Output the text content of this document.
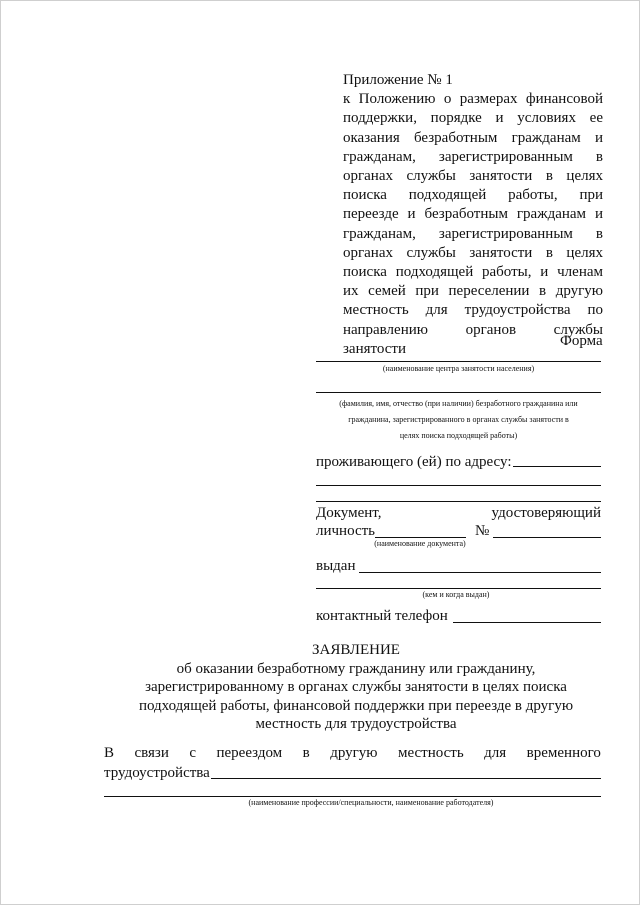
Приложение № 1
к Положению о размерах финансовой
поддержки, порядке и условиях ее
оказания безработным гражданам и
гражданам, зарегистрированным в
органах службы занятости в целях
поиска подходящей работы, при
переезде и безработным гражданам и
гражданам, зарегистрированным в
органах службы занятости в целях
поиска подходящей работы, и членам
их семей при переселении в другую
местность для трудоустройства по
направлению органов службы
занятости	Форма
(наименование центра занятости населения)
(фамилия, имя, отчество (при наличии) безработного гражданина или
гражданина, зарегистрированного в органах службы занятости в
целях поиска подходящей работы)
проживающего (ей) по адресу:
Документ,	удостоверяющий
личность	№
(наименование документа)
выдан
(кем и когда выдан)
контактный телефон
ЗАЯВЛЕНИЕ
об оказании безработному гражданину или гражданину,
зарегистрированному в органах службы занятости в целях поиска
подходящей работы, финансовой поддержки при переезде в другую
местность для трудоустройства
В связи с переездом в другую местность для временного
трудоустройства
(наименование профессии/специальности, наименование работодателя)
